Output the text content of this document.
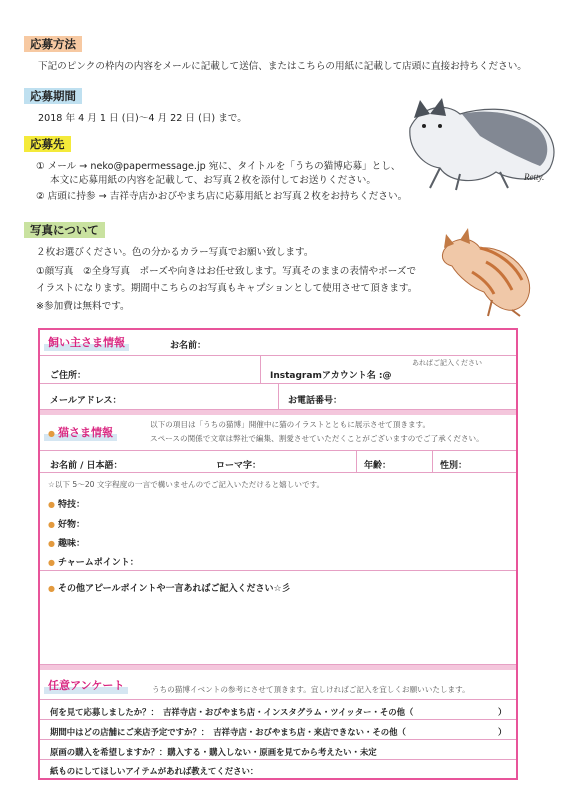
応募方法
下記のピンクの枠内の内容をメールに記載して送信、またはこちらの用紙に記載して店頭に直接お持ちください。
応募期間
2018 年 4 月 1 日 (日)〜4 月 22 日 (日) まで。
応募先
① メール → neko@papermessage.jp 宛に、タイトルを「うちの猫博応募」とし、
本文に応募用紙の内容を記載して、お写真２枚を添付してお送りください。
② 店頭に持参 → 吉祥寺店かおびやまち店に応募用紙とお写真２枚をお持ちください。
写真について
２枚お選びください。色の分かるカラー写真でお願い致します。
①顔写真　②全身写真　ポーズや向きはお任せ致します。写真そのままの表情やポーズで
イラストになります。期間中こちらのお写真もキャプションとして使用させて頂きます。
※参加費は無料です。
Retty.
飼い主さま情報	お名前：
ご住所：	Instagramアカウント名 :@
あればご記入ください
メールアドレス：	お電話番号：
● 猫さま情報
以下の項目は「うちの猫博」開催中に猫のイラストとともに展示させて頂きます。
スペースの関係で文章は弊社で編集、割愛させていただくことがございますのでご了承ください。
お名前 / 日本語：	ローマ字：	年齢：	性別：
☆以下 5〜20 文字程度の一言で構いませんのでご記入いただけると嬉しいです。
● 特技：
● 好物：
● 趣味：
● チャームポイント：
● その他アピールポイントや一言あればご記入ください☆彡
任意アンケート	うちの猫博イベントの参考にさせて頂きます。宜しければご記入を宜しくお願いいたします。
何を見て応募しましたか？：　吉祥寺店・おびやまち店・インスタグラム・ツイッター・その他（	）
期間中はどの店舗にご来店予定ですか？：　吉祥寺店・おびやまち店・来店できない・その他（	）
原画の購入を希望しますか？：購入する・購入しない・原画を見てから考えたい・未定
紙ものにしてほしいアイテムがあれば教えてください：
